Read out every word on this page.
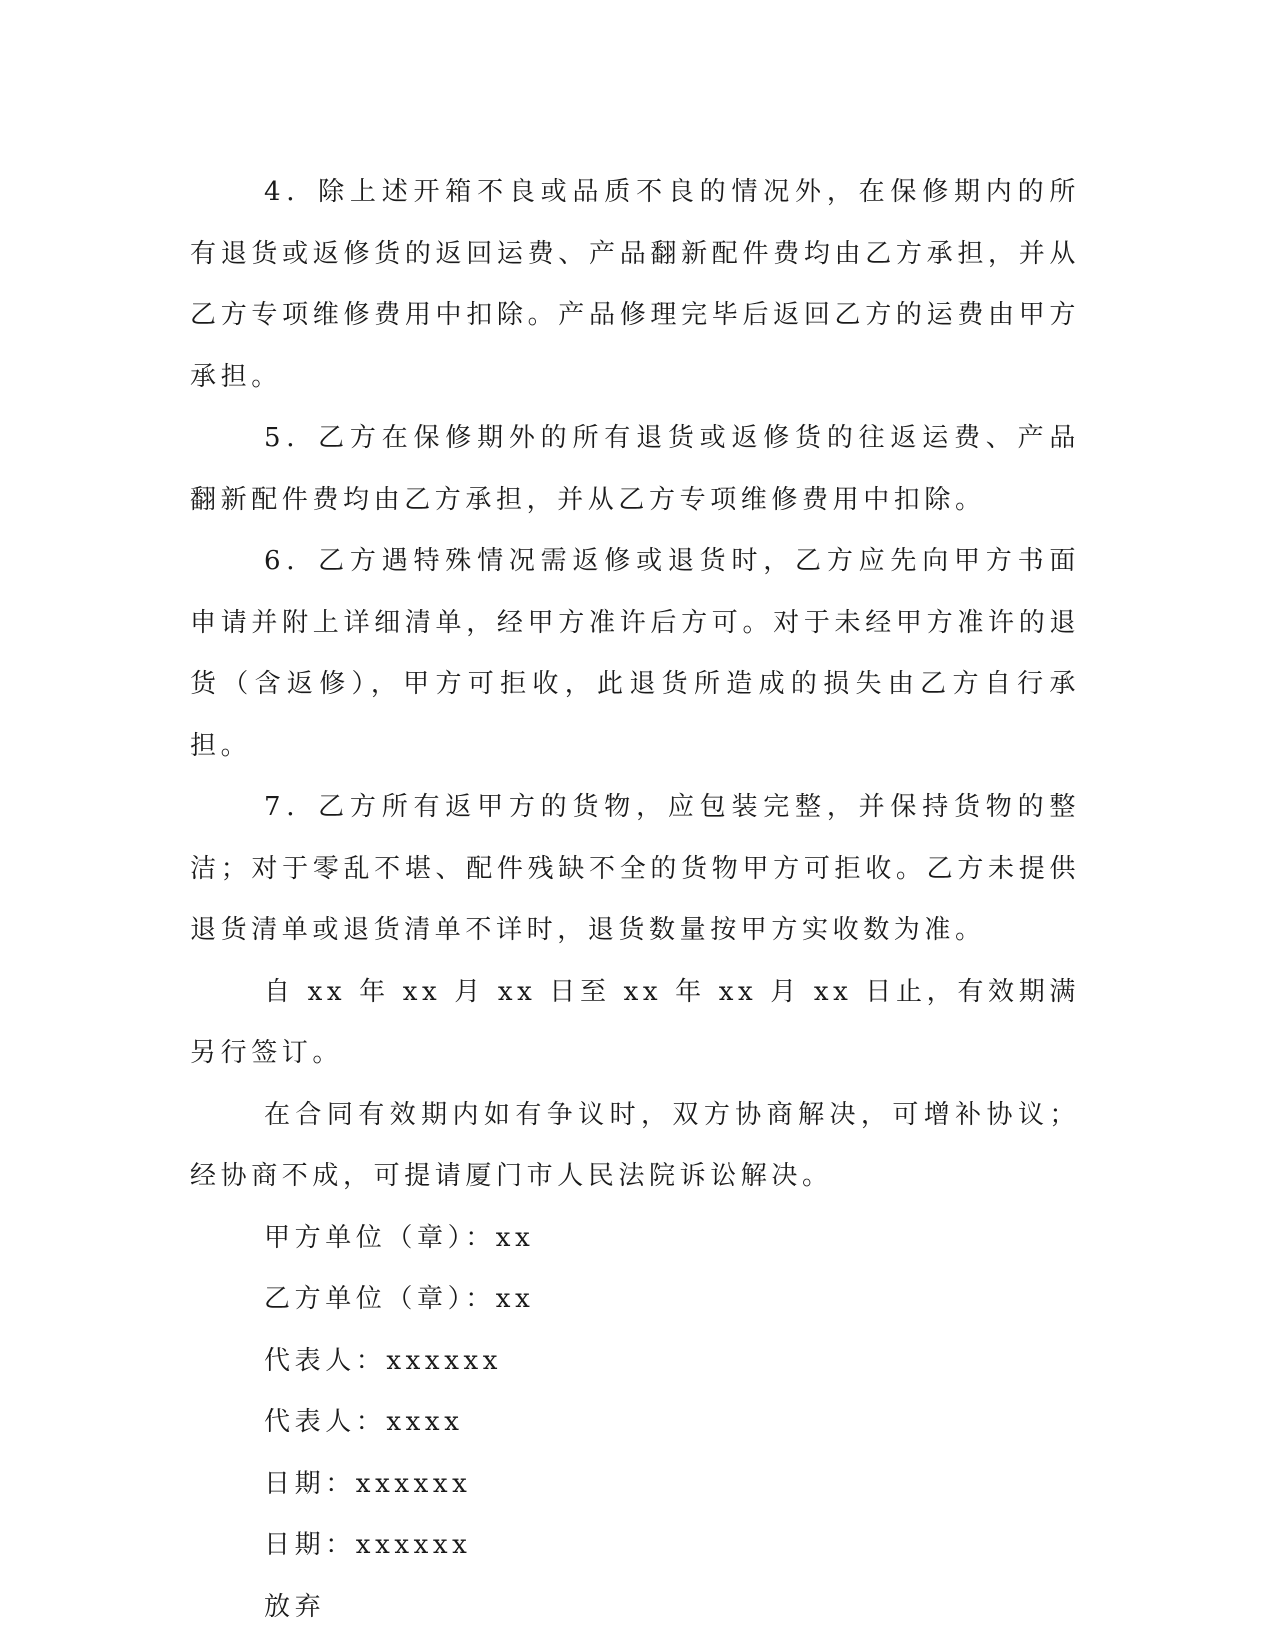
4．除上述开箱不良或品质不良的情况外，在保修期内的所有退货或返修货的返回运费、产品翻新配件费均由乙方承担，并从乙方专项维修费用中扣除。产品修理完毕后返回乙方的运费由甲方承担。

5．乙方在保修期外的所有退货或返修货的往返运费、产品翻新配件费均由乙方承担，并从乙方专项维修费用中扣除。

6．乙方遇特殊情况需返修或退货时，乙方应先向甲方书面申请并附上详细清单，经甲方准许后方可。对于未经甲方准许的退货（含返修），甲方可拒收，此退货所造成的损失由乙方自行承担。

7．乙方所有返甲方的货物，应包装完整，并保持货物的整洁；对于零乱不堪、配件残缺不全的货物甲方可拒收。乙方未提供退货清单或退货清单不详时，退货数量按甲方实收数为准。

自 xx 年 xx 月 xx 日至 xx 年 xx 月 xx 日止，有效期满另行签订。

在合同有效期内如有争议时，双方协商解决，可增补协议；经协商不成，可提请厦门市人民法院诉讼解决。

甲方单位（章）：xx

乙方单位（章）：xx

代表人：xxxxxx

代表人：xxxx

日期：xxxxxx

日期：xxxxxx

放弃
